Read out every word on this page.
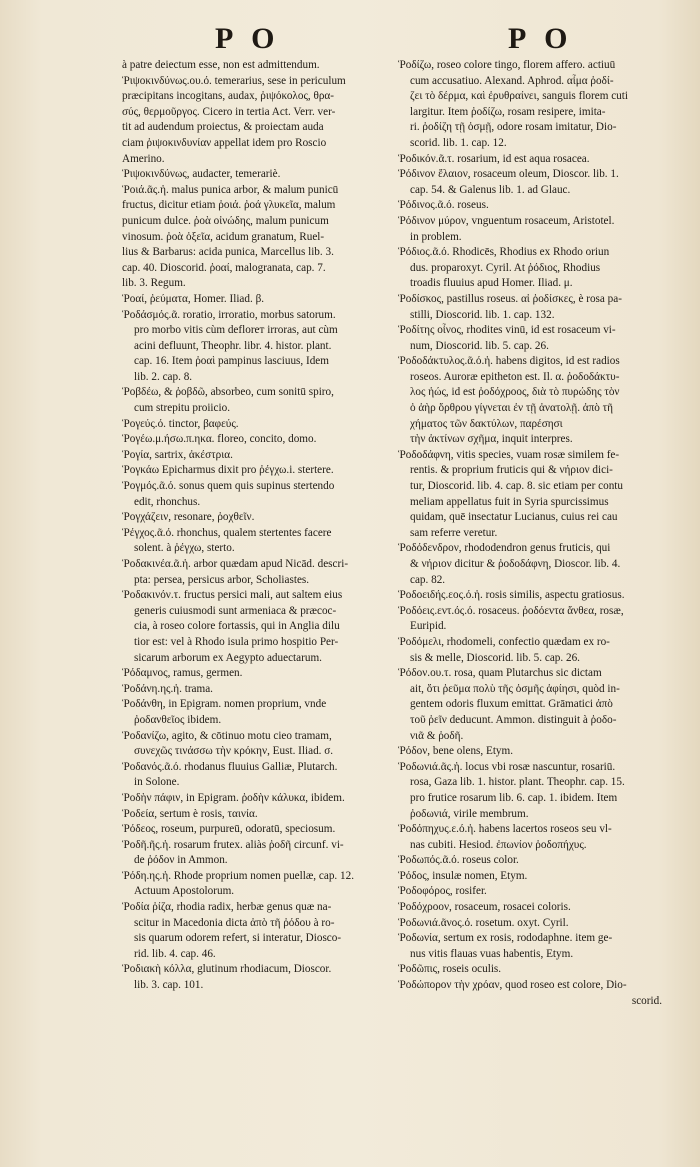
P O	P O
à patre deiectum esse, non est admittendum.
Ῥιψοκινδύνως.ου.ό. temerarius, sese in periculum
præcipitans incogitans, audax, ῥιψόκολος, θρα-
σύς, θερμοῦργος. Cicero in tertia Act. Verr. ver-
tit ad audendum proiectus, & proiectam auda
ciam ῥιψοκινδυνίαν appellat idem pro Roscio
Amerino.
Ῥιψοκινδύνως, audacter, temerariè.
Ῥοιά.ᾶς.ἡ. malus punica arbor, & malum punicū
fructus, dicitur etiam ῥοιά. ῥοά γλυκεῖα, malum
punicum dulce. ῥοὰ οἰνώδης, malum punicum
vinosum. ῥοὰ ὀξεῖα, acidum granatum, Ruel-
lius & Barbarus: acida punica, Marcellus lib. 3.
cap. 40. Dioscorid. ῥοαί, malogranata, cap. 7.
lib. 3. Regum.
Ῥοαί, ῥεύματα, Homer. Iliad. β.
Ῥοδάσμός.ᾶ. roratio, irroratio, morbus satorum.
pro morbo vitis cùm deflorет irroras, aut cùm
acini defluunt, Theophr. libr. 4. histor. plant.
cap. 16. Item ῥοαὶ pampinus lasciuus, Idem
lib. 2. cap. 8.
Ῥοβδέω, & ῥοβδῶ, absorbeo, cum sonitū spiro,
cum strepitu proiicio.
Ῥογεύς.ό. tinctor, βαφεύς.
Ῥογέω.μ.ήσω.π.ηκα. floreo, concito, domo.
Ῥογία, sartrix, ἀκέστρια.
Ῥογκάω Epicharmus dixit pro ῥέγχω.i. stertere.
Ῥογμός.ᾶ.ό. sonus quem quis supinus stertendo
edit, rhonchus.
Ῥογχάζειν, resonare, ῥοχθεῖν.
Ῥέγχος.ᾶ.ό. rhonchus, qualem stertentes facere
solent. à ῥέγχω, sterto.
Ῥοδακινέα.ᾶ.ἡ. arbor quædam apud Nicād. descri-
pta: persea, persicus arbor, Scholiastes.
Ῥοδακινόν.τ. fructus persici mali, aut saltem eius
generis cuiusmodi sunt armeniaca & præcoc-
cia, à roseo colore fortassis, qui in Anglia dilu
tior est: vel à Rhodo isula primo hospitio Per-
sicarum arborum ex Aegypto aduectarum.
Ῥόδαμνος, ramus, germen.
Ῥοδάνη.ης.ἡ. trama.
Ῥοδάνθη, in Epigram. nomen proprium, vnde
ῥοδανθεῖος ibidem.
Ῥοδανίζω, agito, & cōtinuo motu cieo tramam,
συνεχῶς τινάσσω τὴν κρόκην, Eust. Iliad. σ.
Ῥοδανός.ᾶ.ό. rhodanus fluuius Galliæ, Plutarch.
in Solone.
Ῥοδὴν πάφιν, in Epigram. ῥοδὴν κάλυκα, ibidem.
Ῥοδεία, sertum è rosis, ταινία.
Ῥόδεος, roseum, purpureū, odoratū, speciosum.
Ῥοδῆ.ῆς.ἡ. rosarum frutex. aliàs ῥοδῆ circunf. vi-
de ῥόδον in Ammon.
Ῥόδη.ης.ἡ. Rhode proprium nomen puellæ, cap. 12.
Actuum Apostolorum.
Ῥοδία ῥίζα, rhodia radix, herbæ genus quæ na-
scitur in Macedonia dicta ἀπὸ τῆ ῥόδου à ro-
sis quarum odorem refert, si interatur, Diosco-
rid. lib. 4. cap. 46.
Ῥοδιακὴ κόλλα, glutinum rhodiacum, Dioscor.
lib. 3. cap. 101.
Ῥοδίζω, roseo colore tingo, florem affero. actiuū
cum accusatiuo. Alexand. Aphrod. αἷμα ῥοδί-
ζει τὸ δέρμα, καὶ ἐρυθραίνει, sanguis florem cuti
largitur. Item ῥοδίζω, rosam resipere, imita-
ri. ῥοδίζη τῇ ὀσμῇ, odore rosam imitatur, Dio-
scorid. lib. 1. cap. 12.
Ῥοδικόν.ᾶ.τ. rosarium, id est aqua rosacea.
Ῥόδινον ἔλαιον, rosaceum oleum, Dioscor. lib. 1.
cap. 54. & Galenus lib. 1. ad Glauc.
Ῥόδινος.ᾶ.ό. roseus.
Ῥόδινον μύρον, vnguentum rosaceum, Aristotel.
in problem.
Ῥόδιος.ᾶ.ό. Rhodicēs, Rhodius ex Rhodo oriun
dus. proparoxyt. Cyril. At ῥόδιος, Rhodius
troadis fluuius apud Homer. Iliad. μ.
Ῥοδίσκος, pastillus roseus. αἱ ῥοδίσκες, è rosa pa-
stilli, Dioscorid. lib. 1. cap. 132.
Ῥοδίτης οἶνος, rhodites vinū, id est rosaceum vi-
num, Dioscorid. lib. 5. cap. 26.
Ῥοδοδάκτυλος.ᾶ.ό.ἡ. habens digitos, id est radios
roseos. Auroræ epitheton est. Il. α. ῥοδοδάκτυ-
λος ἠώς, id est ῥοδόχροος, διὰ τὸ πυρώδης τὸν
ὁ ἀὴρ ὄρθρου γίγνεται ἐν τῇ ἀνατολῇ. ἀπὸ τῆ
χήματος τῶν δακτύλων, παρέσησι
τὴν ἀκτίνων σχῆμα, inquit interpres.
Ῥοδοδάφνη, vitis species, vuam rosæ similem fe-
rentis. & proprium fruticis qui & νήριον dici-
tur, Dioscorid. lib. 4. cap. 8. sic etiam per contu
meliam appellatus fuit in Syria spurcissimus
quidam, quē insectatur Lucianus, cuius rei cau
sam referre veretur.
Ῥοδόδενδρον, rhododendron genus fruticis, qui
& νήριον dicitur & ῥοδοδάφνη, Dioscor. lib. 4.
cap. 82.
Ῥοδοειδής.εος.ό.ἡ. rosis similis, aspectu gratiosus.
Ῥοδόεις.εντ.ός.ό. rosaceus. ῥοδόεντα ἄνθεα, rosæ,
Euripid.
Ῥοδόμελι, rhodomeli, confectio quædam ex ro-
sis & melle, Dioscorid. lib. 5. cap. 26.
Ῥόδον.ου.τ. rosa, quam Plutarchus sic dictam
ait, ὅτι ῥεῦμα πολὺ τῆς ὀσμῆς ἀφίησι, quòd in-
gentem odoris fluxum emittat. Grāmatici ἀπὸ
τοῦ ῥεῖν deducunt. Ammon. distinguit à ῥοδο-
νιᾶ & ῥοδῆ.
Ῥόδον, bene olens, Etym.
Ῥοδωνιά.ᾶς.ἡ. locus vbi rosæ nascuntur, rosariū.
rosa, Gaza lib. 1. histor. plant. Theophr. cap. 15.
pro frutice rosarum lib. 6. cap. 1. ibidem. Item
ῥοδωνιά, virile membrum.
Ῥοδόπηχυς.ε.ό.ἡ. habens lacertos roseos seu vl-
nas cubiti. Hesiod. ἐπωνίον ῥοδοπήχυς.
Ῥοδωπός.ᾶ.ό. roseus color.
Ῥόδος, insulæ nomen, Etym.
Ῥοδοφόρος, rosifer.
Ῥοδόχροον, rosaceum, rosacei coloris.
Ῥοδωνιά.ᾶνος.ό. rosetum. oxyt. Cyril.
Ῥοδωνία, sertum ex rosis, rododaphne. item ge-
nus vitis flauas vuas habentis, Etym.
Ῥοδῶπις, roseis oculis.
Ῥοδώπορον τὴν χρόαν, quod roseo est colore, Dio-
scorid.
